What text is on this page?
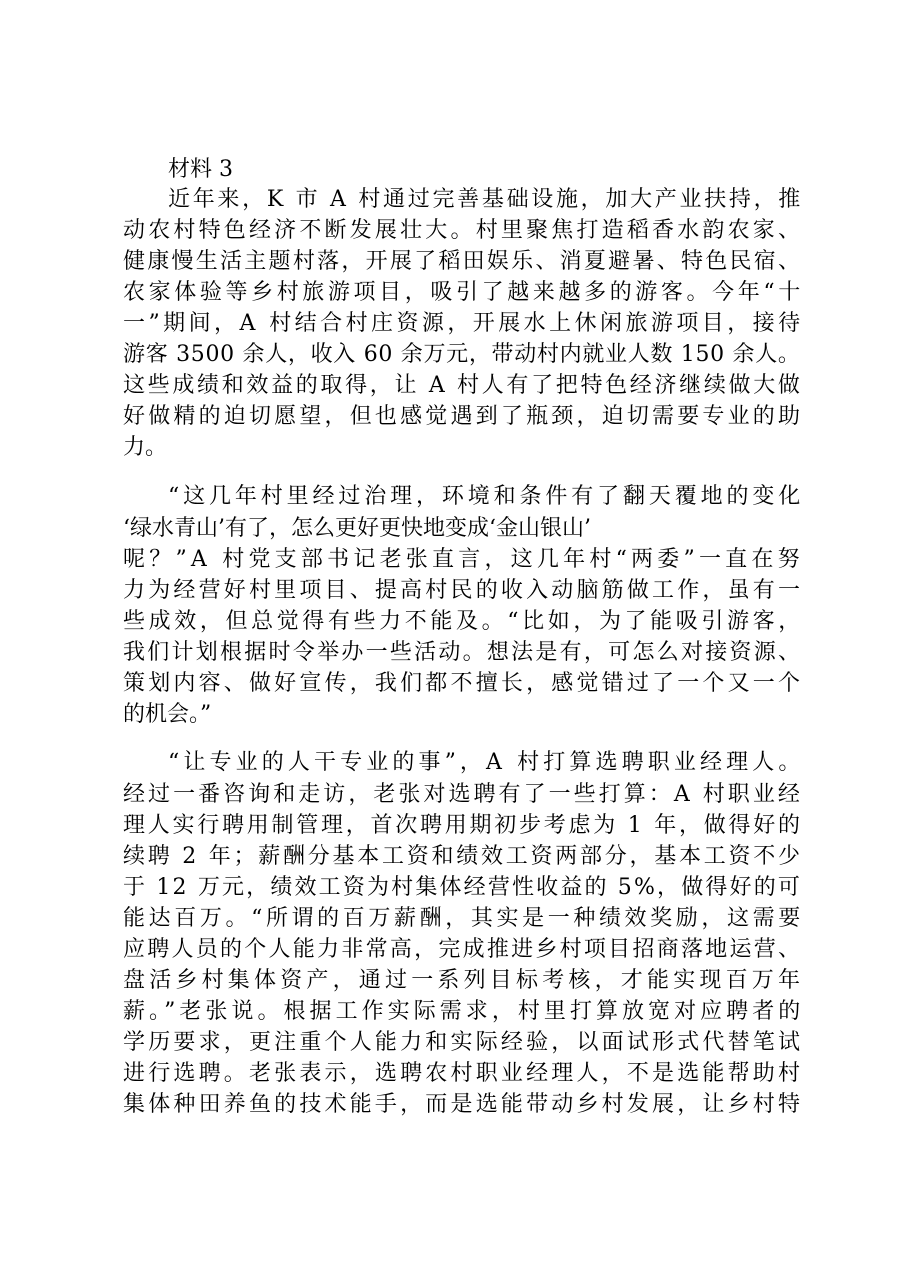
材料 3
近年来，K 市 A 村通过完善基础设施，加大产业扶持，推
动农村特色经济不断发展壮大。村里聚焦打造稻香水韵农家、
健康慢生活主题村落，开展了稻田娱乐、消夏避暑、特色民宿、
农家体验等乡村旅游项目，吸引了越来越多的游客。今年“十
一”期间，A 村结合村庄资源，开展水上休闲旅游项目，接待
游客 3500 余人，收入 60 余万元，带动村内就业人数 150 余人。
这些成绩和效益的取得，让 A 村人有了把特色经济继续做大做
好做精的迫切愿望，但也感觉遇到了瓶颈，迫切需要专业的助
力。
“这几年村里经过治理，环境和条件有了翻天覆地的变化
‘绿水青山’有了，怎么更好更快地变成‘金山银山’
呢？”A 村党支部书记老张直言，这几年村“两委”一直在努
力为经营好村里项目、提高村民的收入动脑筋做工作，虽有一
些成效，但总觉得有些力不能及。“比如，为了能吸引游客，
我们计划根据时令举办一些活动。想法是有，可怎么对接资源、
策划内容、做好宣传，我们都不擅长，感觉错过了一个又一个
的机会。”
“让专业的人干专业的事”，A 村打算选聘职业经理人。
经过一番咨询和走访，老张对选聘有了一些打算：A 村职业经
理人实行聘用制管理，首次聘用期初步考虑为 1 年，做得好的
续聘 2 年；薪酬分基本工资和绩效工资两部分，基本工资不少
于 12 万元，绩效工资为村集体经营性收益的 5%，做得好的可
能达百万。“所谓的百万薪酬，其实是一种绩效奖励，这需要
应聘人员的个人能力非常高，完成推进乡村项目招商落地运营、
盘活乡村集体资产，通过一系列目标考核，才能实现百万年
薪。”老张说。根据工作实际需求，村里打算放宽对应聘者的
学历要求，更注重个人能力和实际经验，以面试形式代替笔试
进行选聘。老张表示，选聘农村职业经理人，不是选能帮助村
集体种田养鱼的技术能手，而是选能带动乡村发展，让乡村特
